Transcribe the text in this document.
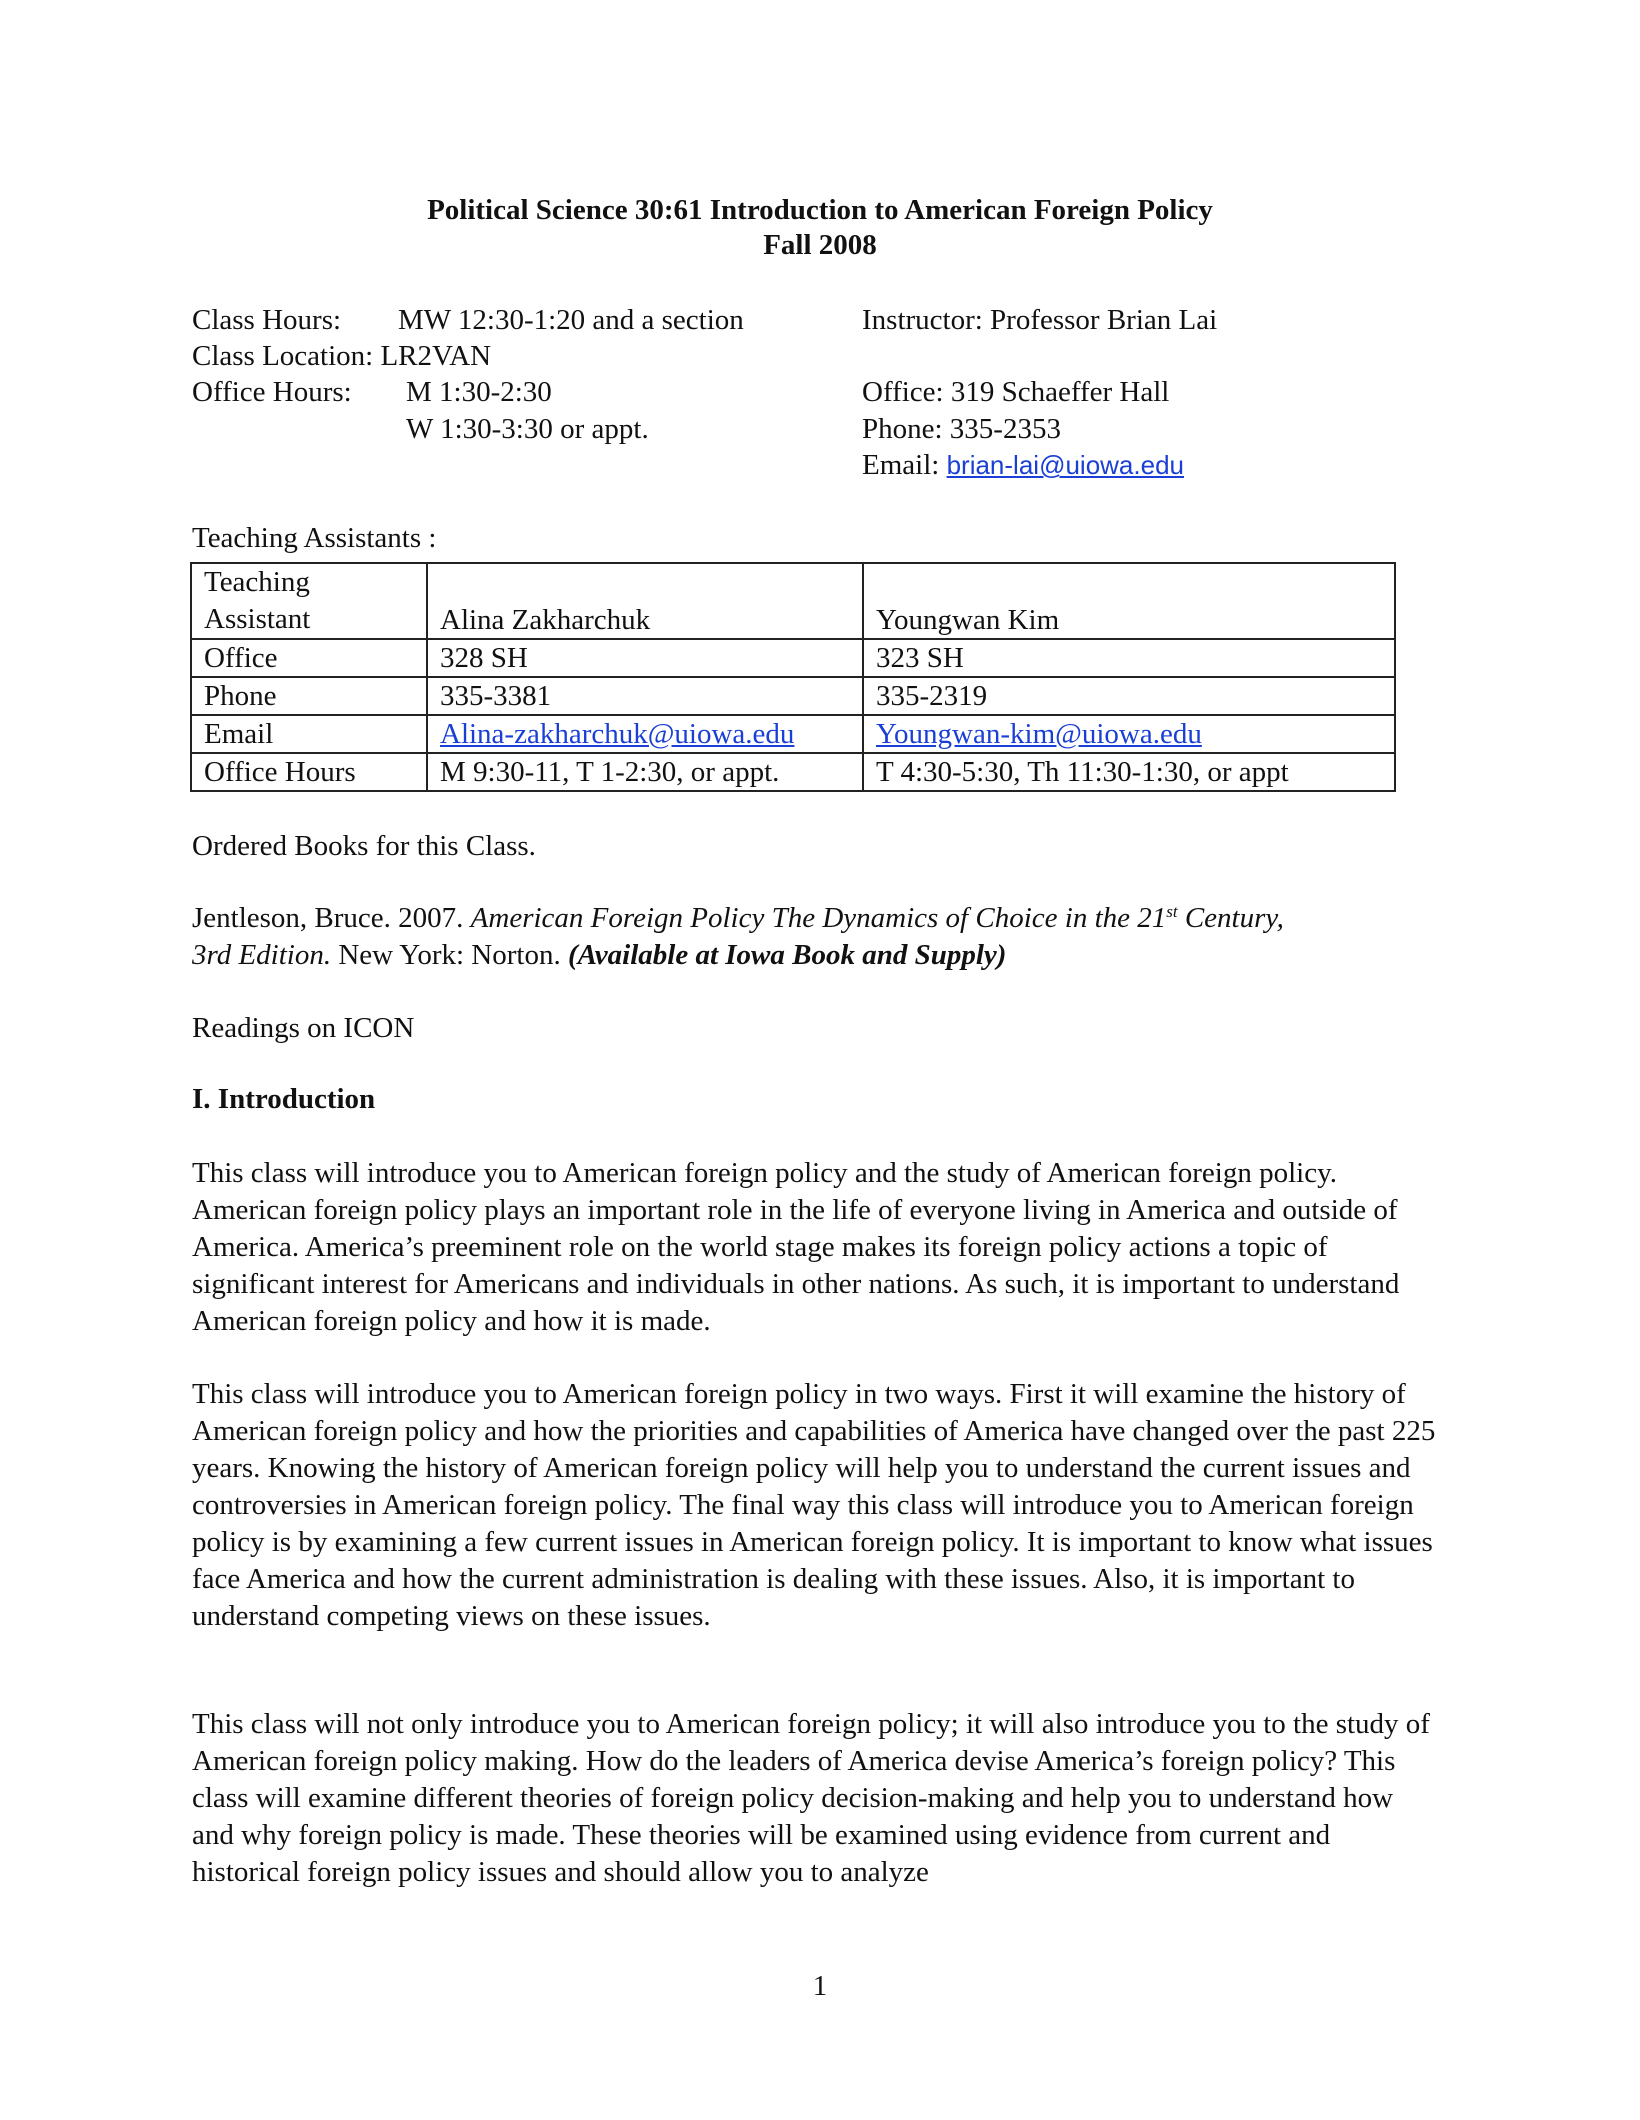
Political Science 30:61 Introduction to American Foreign Policy
Fall 2008
Class Hours: MW 12:30-1:20 and a section
Class Location: LR2VAN
Office Hours: M 1:30-2:30
W 1:30-3:30 or appt.
Instructor: Professor Brian Lai
Office: 319 Schaeffer Hall
Phone: 335-2353
Email: brian-lai@uiowa.edu
Teaching Assistants :
Teaching Assistant	Alina Zakharchuk	Youngwan Kim
Office	328 SH	323 SH
Phone	335-3381	335-2319
Email	Alina-zakharchuk@uiowa.edu	Youngwan-kim@uiowa.edu
Office Hours	M 9:30-11, T 1-2:30, or appt.	T 4:30-5:30, Th 11:30-1:30, or appt
Ordered Books for this Class.
Jentleson, Bruce. 2007. American Foreign Policy The Dynamics of Choice in the 21st Century,
3rd Edition. New York: Norton. (Available at Iowa Book and Supply)
Readings on ICON
I. Introduction

This class will introduce you to American foreign policy and the study of American foreign policy. American foreign policy plays an important role in the life of everyone living in America and outside of America. America’s preeminent role on the world stage makes its foreign policy actions a topic of significant interest for Americans and individuals in other nations. As such, it is important to understand American foreign policy and how it is made.

This class will introduce you to American foreign policy in two ways. First it will examine the history of American foreign policy and how the priorities and capabilities of America have changed over the past 225 years. Knowing the history of American foreign policy will help you to understand the current issues and controversies in American foreign policy. The final way this class will introduce you to American foreign policy is by examining a few current issues in American foreign policy. It is important to know what issues face America and how the current administration is dealing with these issues. Also, it is important to understand competing views on these issues.

This class will not only introduce you to American foreign policy; it will also introduce you to the study of American foreign policy making. How do the leaders of America devise America’s foreign policy? This class will examine different theories of foreign policy decision-making and help you to understand how and why foreign policy is made. These theories will be examined using evidence from current and historical foreign policy issues and should allow you to analyze

1
